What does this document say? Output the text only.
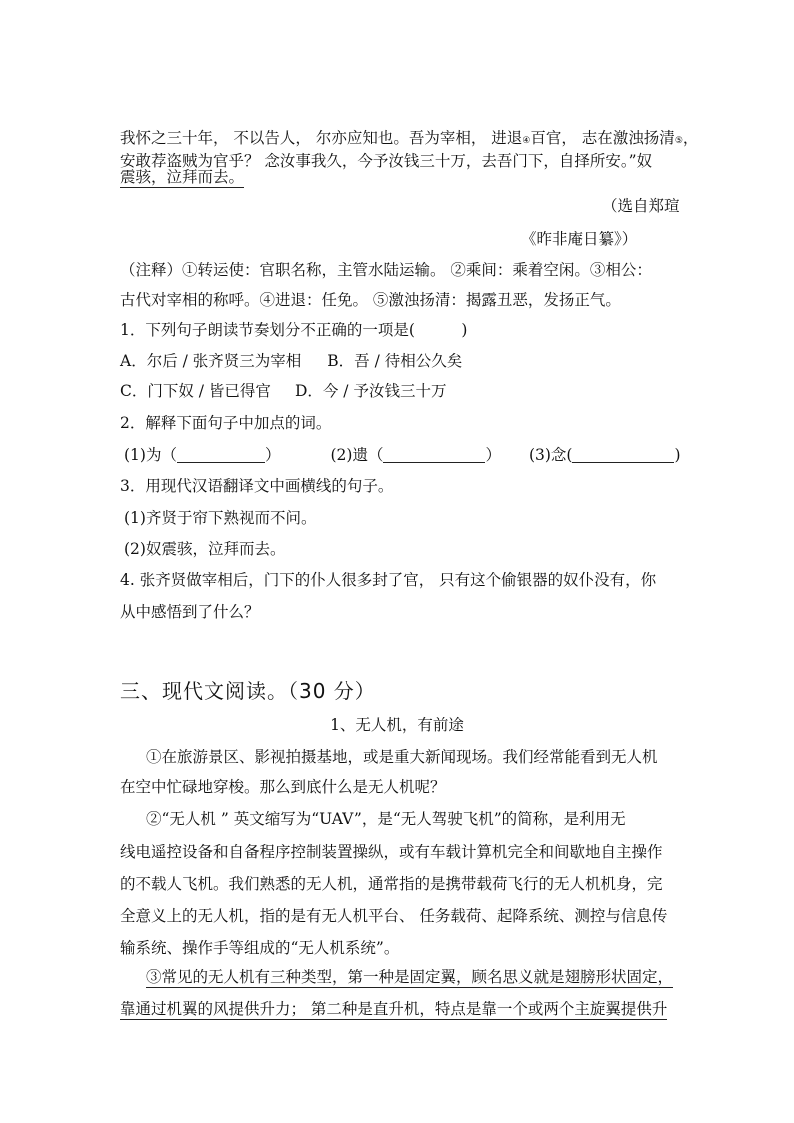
我怀之三十年， 不以告人， 尔亦应知也。吾为宰相， 进退④百官， 志在激浊扬清⑤，
安敢荐盗贼为官乎？ 念汝事我久，今予汝钱三十万，去吾门下，自择所安。”奴
震骇，泣拜而去。
（选自郑瑄
《昨非庵日纂》）
（注释）①转运使：官职名称，主管水陆运输。 ②乘间：乘着空闲。③相公：
古代对宰相的称呼。④进退：任免。 ⑤激浊扬清：揭露丑恶，发扬正气。
1．下列句子朗读节奏划分不正确的一项是(　　　)
A．尔后 / 张齐贤三为宰相 B．吾 / 待相公久矣
C．门下奴 / 皆已得官 D．今 / 予汝钱三十万
2．解释下面句子中加点的词。
(1)为（	）	(2)遗（	） (3)念(	)
3．用现代汉语翻译文中画横线的句子。
(1)齐贤于帘下熟视而不问。
(2)奴震骇，泣拜而去。
4. 张齐贤做宰相后，门下的仆人很多封了官， 只有这个偷银器的奴仆没有，你
从中感悟到了什么？
三、现代文阅读。（30 分）
1、无人机，有前途
①在旅游景区、影视拍摄基地，或是重大新闻现场。我们经常能看到无人机
在空中忙碌地穿梭。那么到底什么是无人机呢？
②“无人机 ” 英文缩写为“UAV”，是“无人驾驶飞机”的简称，是利用无
线电遥控设备和自备程序控制装置操纵，或有车载计算机完全和间歇地自主操作
的不载人飞机。我们熟悉的无人机，通常指的是携带载荷飞行的无人机机身，完
全意义上的无人机，指的是有无人机平台、 任务载荷、起降系统、测控与信息传
输系统、操作手等组成的“无人机系统”。
③常见的无人机有三种类型，第一种是固定翼，顾名思义就是翅膀形状固定，
靠通过机翼的风提供升力； 第二种是直升机，特点是靠一个或两个主旋翼提供升
